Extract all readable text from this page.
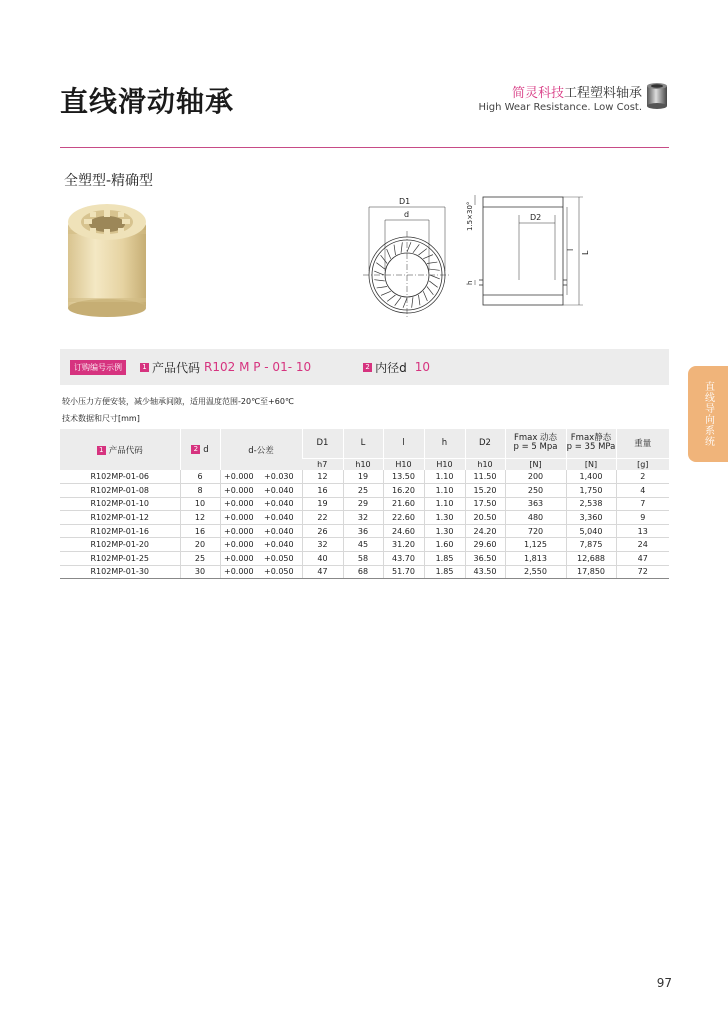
直线滑动轴承	简灵科技工程塑料轴承
High Wear Resistance. Low Cost.
全塑型-精确型
D1
d	1.5×30°	D2
L
l
h
订购编号示例	1 产品代码 R102 M P - 01- 10	2 内径d 10
直线导向系统
较小压力方便安装，减少轴承间隙，适用温度范围-20℃至+60℃
技术数据和尺寸[mm]
1 产品代码	2 d	d-公差	D1	L	l	h	D2	Fmax 动态
p = 5 Mpa	Fmax静态
p = 35 MPa	重量
			h7	h10	H10	H10	h10	[N]	[N]	[g]
R102MP-01-06	6	+0.000 +0.030	12	19	13.50	1.10	11.50	200	1,400	2
R102MP-01-08	8	+0.000 +0.040	16	25	16.20	1.10	15.20	250	1,750	4
R102MP-01-10	10	+0.000 +0.040	19	29	21.60	1.10	17.50	363	2,538	7
R102MP-01-12	12	+0.000 +0.040	22	32	22.60	1.30	20.50	480	3,360	9
R102MP-01-16	16	+0.000 +0.040	26	36	24.60	1.30	24.20	720	5,040	13
R102MP-01-20	20	+0.000 +0.040	32	45	31.20	1.60	29.60	1,125	7,875	24
R102MP-01-25	25	+0.000 +0.050	40	58	43.70	1.85	36.50	1,813	12,688	47
R102MP-01-30	30	+0.000 +0.050	47	68	51.70	1.85	43.50	2,550	17,850	72
97
